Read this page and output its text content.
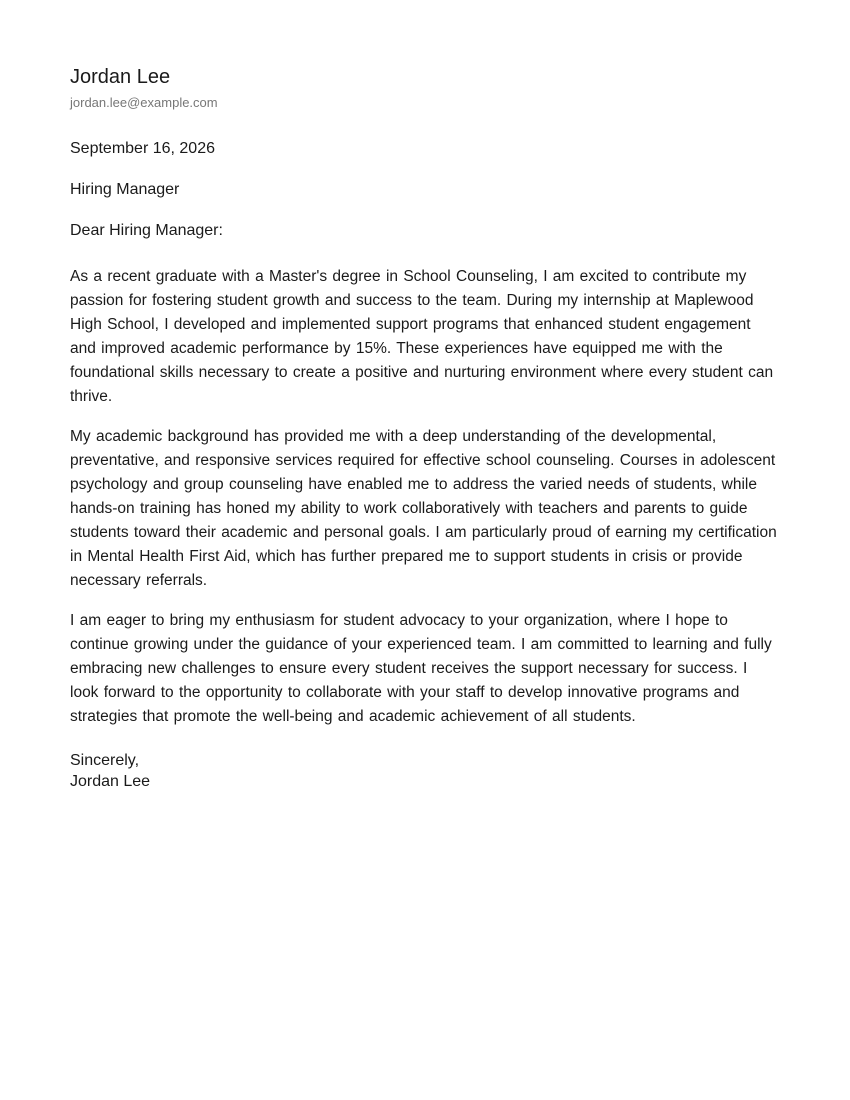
Jordan Lee
jordan.lee@example.com
September 16, 2026
Hiring Manager
Dear Hiring Manager:

As a recent graduate with a Master's degree in School Counseling, I am excited to contribute my passion for fostering student growth and success to the team. During my internship at Maplewood High School, I developed and implemented support programs that enhanced student engagement and improved academic performance by 15%. These experiences have equipped me with the foundational skills necessary to create a positive and nurturing environment where every student can thrive.

My academic background has provided me with a deep understanding of the developmental, preventative, and responsive services required for effective school counseling. Courses in adolescent psychology and group counseling have enabled me to address the varied needs of students, while hands-on training has honed my ability to work collaboratively with teachers and parents to guide students toward their academic and personal goals. I am particularly proud of earning my certification in Mental Health First Aid, which has further prepared me to support students in crisis or provide necessary referrals.

I am eager to bring my enthusiasm for student advocacy to your organization, where I hope to continue growing under the guidance of your experienced team. I am committed to learning and fully embracing new challenges to ensure every student receives the support necessary for success. I look forward to the opportunity to collaborate with your staff to develop innovative programs and strategies that promote the well-being and academic achievement of all students.

Sincerely,
Jordan Lee
